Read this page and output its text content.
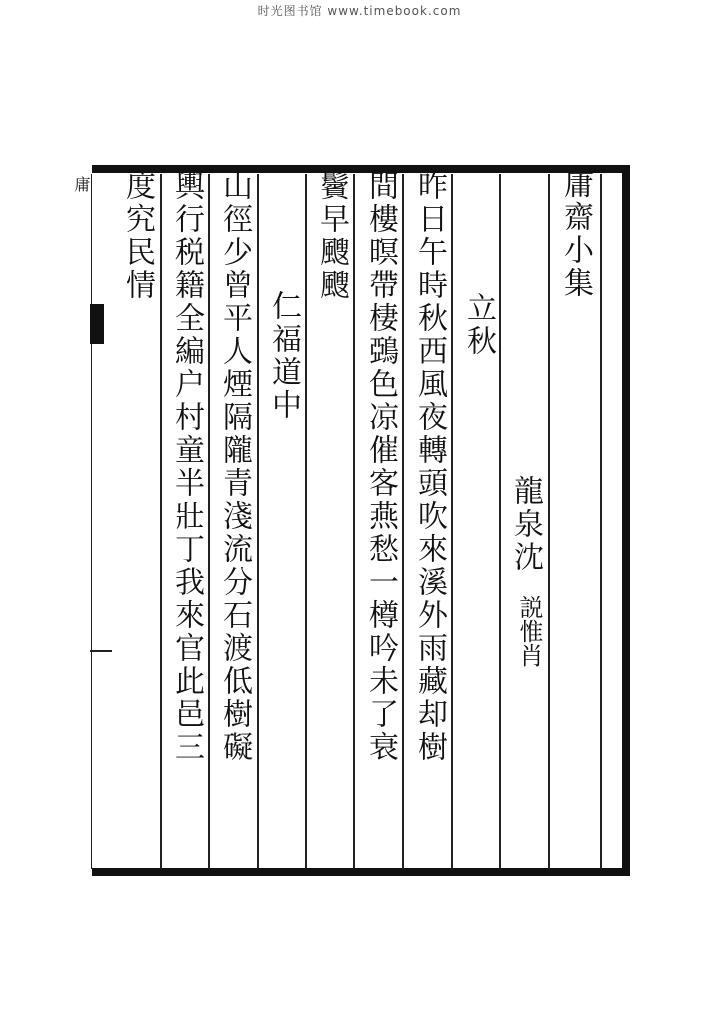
时光图书馆 www.timebook.com
庸	庸齋小集
龍泉沈
説惟肖
立秋
昨日午時秋西風夜轉頭吹來溪外雨藏却樹
間樓暝帶棲鵶色凉催客燕愁一樽吟未了衰
鬢早颼颼
仁福道中
山徑少曾平人煙隔隴青淺流分石渡低樹礙
輿行税籍全編户村童半壯丁我來官此邑三
度究民情
